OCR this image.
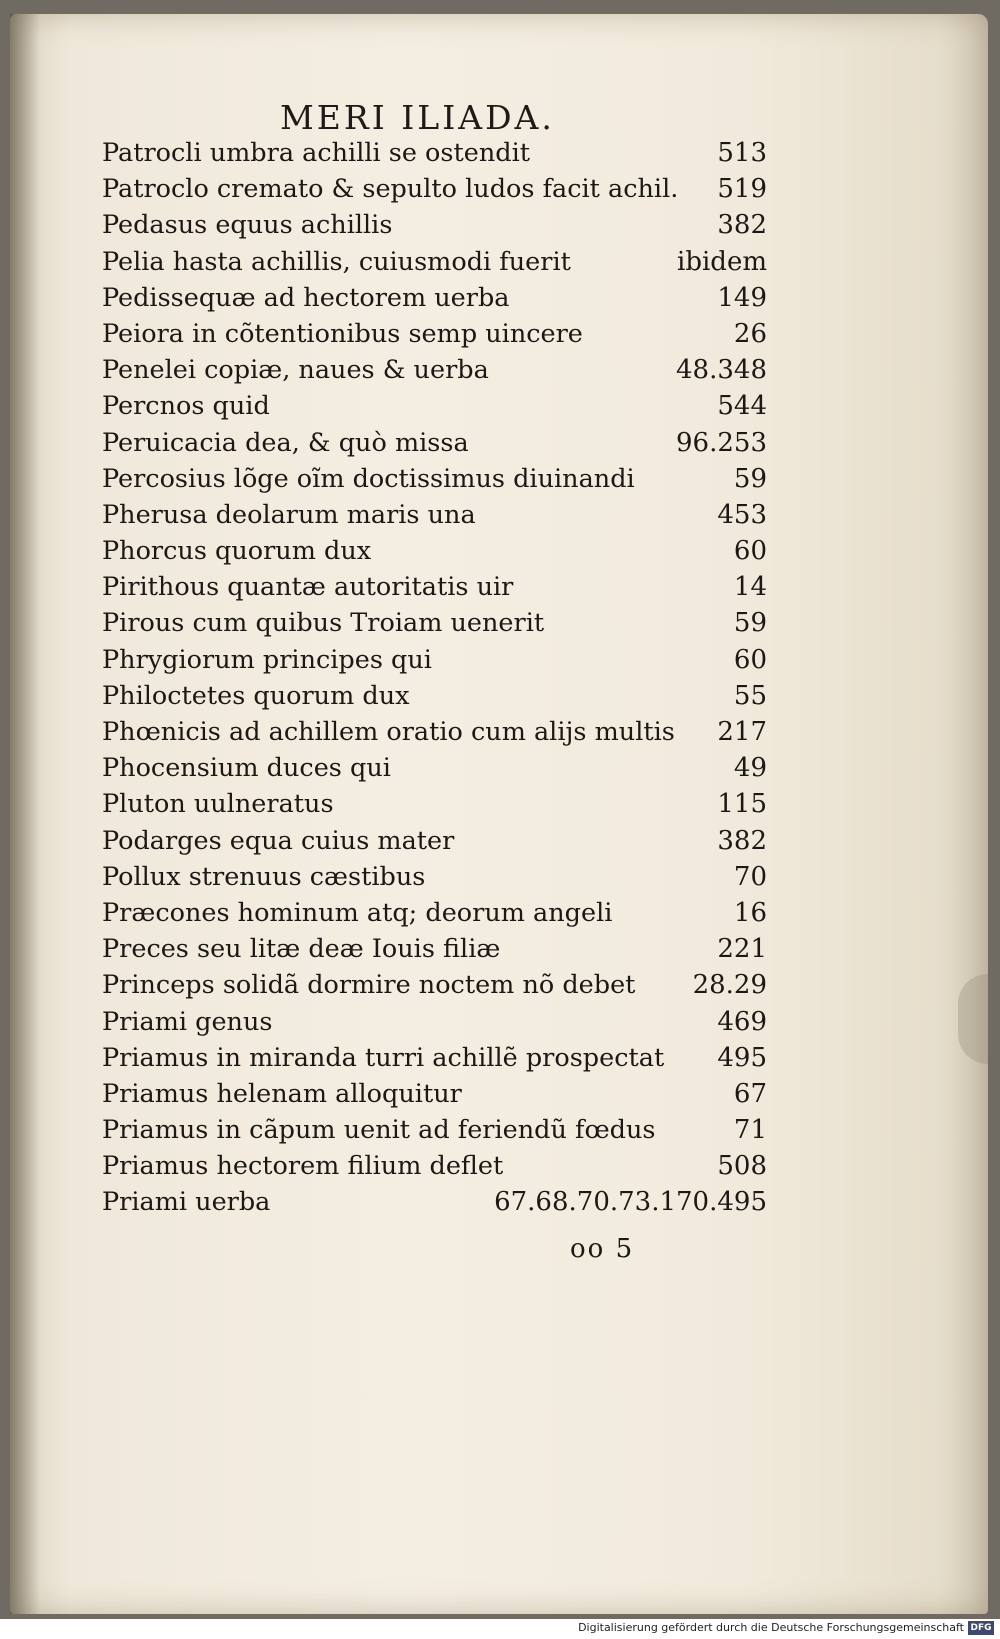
MERI ILIADA.
Patrocli umbra achilli se ostendit	513
Patroclo cremato & sepulto ludos facit achil.	519
Pedasus equus achillis	382
Pelia hasta achillis, cuiusmodi fuerit	ibidem
Pedissequæ ad hectorem uerba	149
Peiora in cõtentionibus semp uincere	26
Penelei copiæ, naues & uerba	48.348
Percnos quid	544
Peruicacia dea, & quò missa	96.253
Percosius lõge oĩm doctissimus diuinandi	59
Pherusa deolarum maris una	453
Phorcus quorum dux	60
Pirithous quantæ autoritatis uir	14
Pirous cum quibus Troiam uenerit	59
Phrygiorum principes qui	60
Philoctetes quorum dux	55
Phœnicis ad achillem oratio cum alijs multis	217
Phocensium duces qui	49
Pluton uulneratus	115
Podarges equa cuius mater	382
Pollux strenuus cæstibus	70
Præcones hominum atq; deorum angeli	16
Preces seu litæ deæ Iouis filiæ	221
Princeps solidã dormire noctem nõ debet	28.29
Priami genus	469
Priamus in miranda turri achillẽ prospectat	495
Priamus helenam alloquitur	67
Priamus in cãpum uenit ad feriendũ fœdus	71
Priamus hectorem filium deflet	508
Priami uerba	67.68.70.73.170.495
oo 5
Digitalisierung gefördert durch die Deutsche Forschungsgemeinschaft DFG
